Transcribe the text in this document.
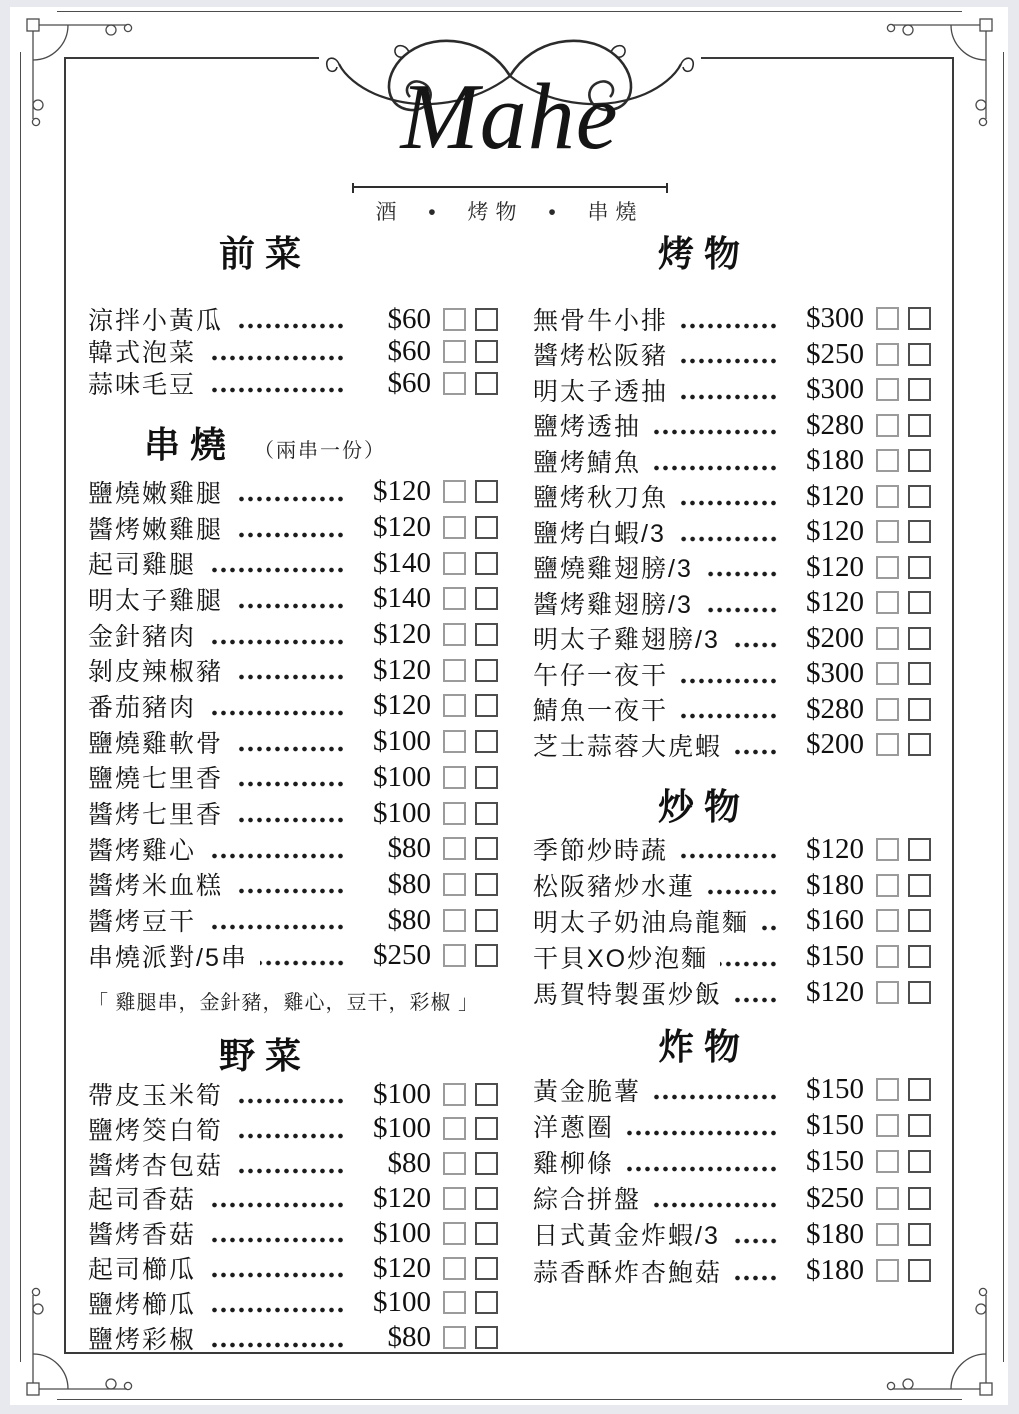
Mahe
酒 • 烤物 • 串燒
前菜
涼拌小黃瓜	$60
韓式泡菜	$60
蒜味毛豆	$60
串燒 （兩串一份）
鹽燒嫩雞腿	$120
醬烤嫩雞腿	$120
起司雞腿	$140
明太子雞腿	$140
金針豬肉	$120
剝皮辣椒豬	$120
番茄豬肉	$120
鹽燒雞軟骨	$100
鹽燒七里香	$100
醬烤七里香	$100
醬烤雞心	$80
醬烤米血糕	$80
醬烤豆干	$80
串燒派對/5串	$250
「 雞腿串，金針豬，雞心，豆干，彩椒 」
野菜
帶皮玉米筍	$100
鹽烤筊白筍	$100
醬烤杏包菇	$80
起司香菇	$120
醬烤香菇	$100
起司櫛瓜	$120
鹽烤櫛瓜	$100
鹽烤彩椒	$80
烤物
無骨牛小排	$300
醬烤松阪豬	$250
明太子透抽	$300
鹽烤透抽	$280
鹽烤鯖魚	$180
鹽烤秋刀魚	$120
鹽烤白蝦/3	$120
鹽燒雞翅膀/3	$120
醬烤雞翅膀/3	$120
明太子雞翅膀/3	$200
午仔一夜干	$300
鯖魚一夜干	$280
芝士蒜蓉大虎蝦	$200
炒物
季節炒時蔬	$120
松阪豬炒水蓮	$180
明太子奶油烏龍麵	$160
干貝XO炒泡麵	$150
馬賀特製蛋炒飯	$120
炸物
黃金脆薯	$150
洋蔥圈	$150
雞柳條	$150
綜合拼盤	$250
日式黃金炸蝦/3	$180
蒜香酥炸杏鮑菇	$180
